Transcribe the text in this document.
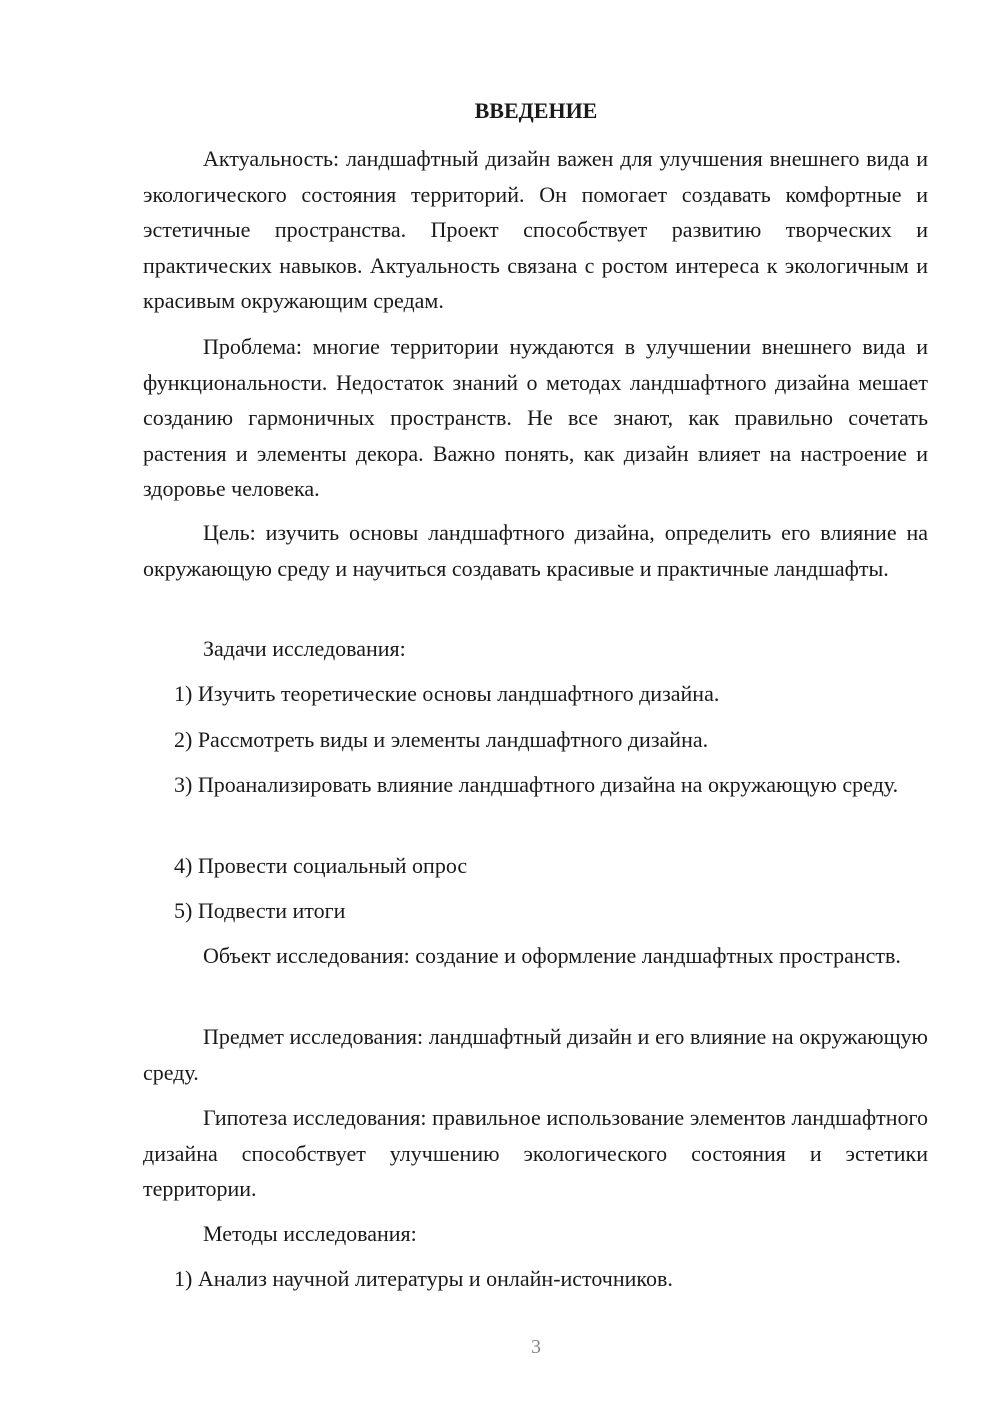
ВВЕДЕНИЕ

Актуальность: ландшафтный дизайн важен для улучшения внешнего вида и экологического состояния территорий. Он помогает создавать комфортные и эстетичные пространства. Проект способствует развитию творческих и практических навыков. Актуальность связана с ростом интереса к экологичным и красивым окружающим средам.

Проблема: многие территории нуждаются в улучшении внешнего вида и функциональности. Недостаток знаний о методах ландшафтного дизайна мешает созданию гармоничных пространств. Не все знают, как правильно сочетать растения и элементы декора. Важно понять, как дизайн влияет на настроение и здоровье человека.

Цель: изучить основы ландшафтного дизайна, определить его влияние на окружающую среду и научиться создавать красивые и практичные ландшафты.

Задачи исследования:

1) Изучить теоретические основы ландшафтного дизайна.

2) Рассмотреть виды и элементы ландшафтного дизайна.

3) Проанализировать влияние ландшафтного дизайна на окружающую среду.

4) Провести социальный опрос

5) Подвести итоги

Объект исследования: создание и оформление ландшафтных пространств.

Предмет исследования: ландшафтный дизайн и его влияние на окружающую среду.

Гипотеза исследования: правильное использование элементов ландшафтного дизайна способствует улучшению экологического состояния и эстетики территории.

Методы исследования:

1) Анализ научной литературы и онлайн-источников.

3
